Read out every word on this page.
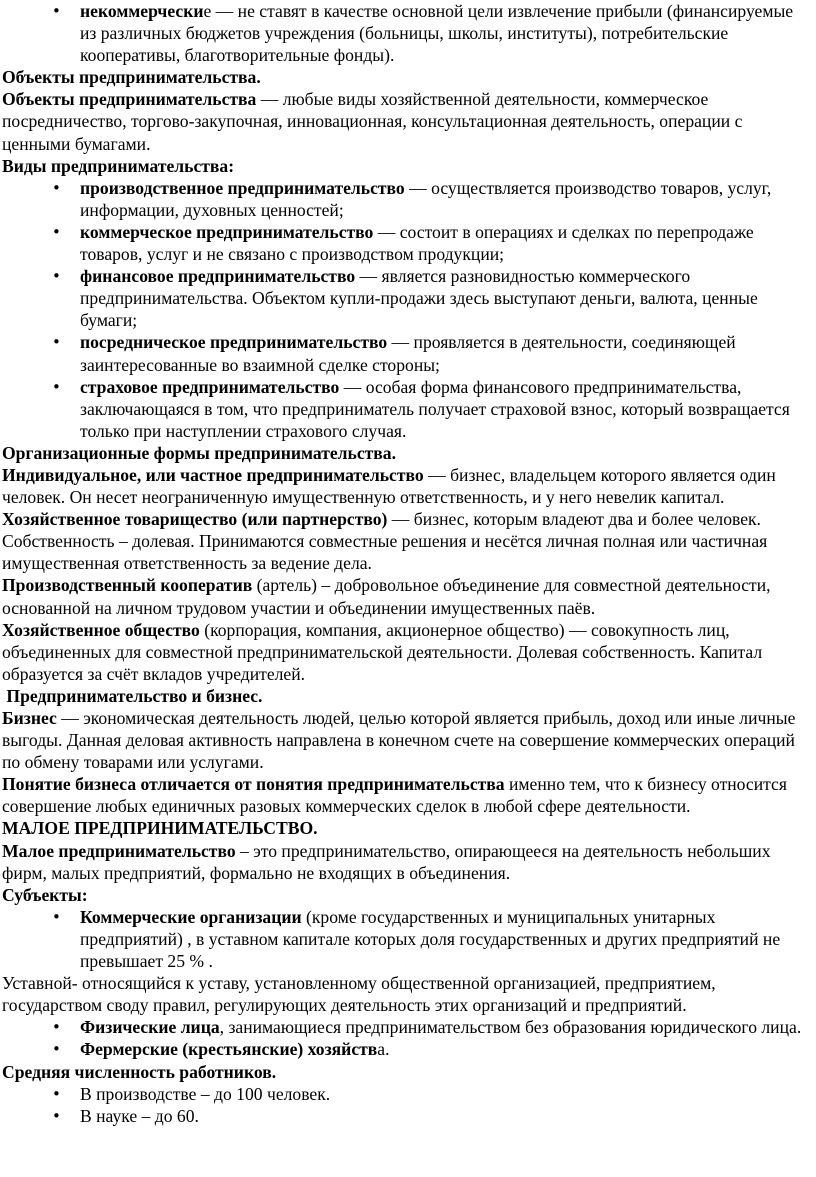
• некоммерческие — не ставят в качестве основной цели извлечение прибыли (финансируемые из различных бюджетов учреждения (больницы, школы, институты), потребительские кооперативы, благотворительные фонды).

Объекты предпринимательства.

Объекты предпринимательства — любые виды хозяйственной деятельности, коммерческое посредничество, торгово-закупочная, инновационная, консультационная деятельность, операции с ценными бумагами.

Виды предпринимательства:

• производственное предпринимательство — осуществляется производство товаров, услуг, информации, духовных ценностей;
• коммерческое предпринимательство — состоит в операциях и сделках по перепродаже товаров, услуг и не связано с производством продукции;
• финансовое предпринимательство — является разновидностью коммерческого предпринимательства. Объектом купли-продажи здесь выступают деньги, валюта, ценные бумаги;
• посредническое предпринимательство — проявляется в деятельности, соединяющей заинтересованные во взаимной сделке стороны;
• страховое предпринимательство — особая форма финансового предпринимательства, заключающаяся в том, что предприниматель получает страховой взнос, который возвращается только при наступлении страхового случая.

Организационные формы предпринимательства.

Индивидуальное, или частное предпринимательство — бизнес, владельцем которого является один человек. Он несет неограниченную имущественную ответственность, и у него невелик капитал.

Хозяйственное товарищество (или партнерство) — бизнес, которым владеют два и более человек. Собственность – долевая. Принимаются совместные решения и несётся личная полная или частичная имущественная ответственность за ведение дела.

Производственный кооператив (артель) – добровольное объединение для совместной деятельности, основанной на личном трудовом участии и объединении имущественных паёв.

Хозяйственное общество (корпорация, компания, акционерное общество) — совокупность лиц, объединенных для совместной предпринимательской деятельности. Долевая собственность. Капитал образуется за счёт вкладов учредителей.

Предпринимательство и бизнес.

Бизнес — экономическая деятельность людей, целью которой является прибыль, доход или иные личные выгоды. Данная деловая активность направлена в конечном счете на совершение коммерческих операций по обмену товарами или услугами.

Понятие бизнеса отличается от понятия предпринимательства именно тем, что к бизнесу относится совершение любых единичных разовых коммерческих сделок в любой сфере деятельности.

МАЛОЕ ПРЕДПРИНИМАТЕЛЬСТВО.

Малое предпринимательство – это предпринимательство, опирающееся на деятельность небольших фирм, малых предприятий, формально не входящих в объединения.

Субъекты:

• Коммерческие организации (кроме государственных и муниципальных унитарных предприятий) , в уставном капитале которых доля государственных и других предприятий не превышает 25 % .

Уставной- относящийся к уставу, установленному общественной организацией, предприятием, государством своду правил, регулирующих деятельность этих организаций и предприятий.

• Физические лица, занимающиеся предпринимательством без образования юридического лица.
• Фермерские (крестьянские) хозяйства.

Средняя численность работников.

• В производстве – до 100 человек.
• В науке – до 60.
